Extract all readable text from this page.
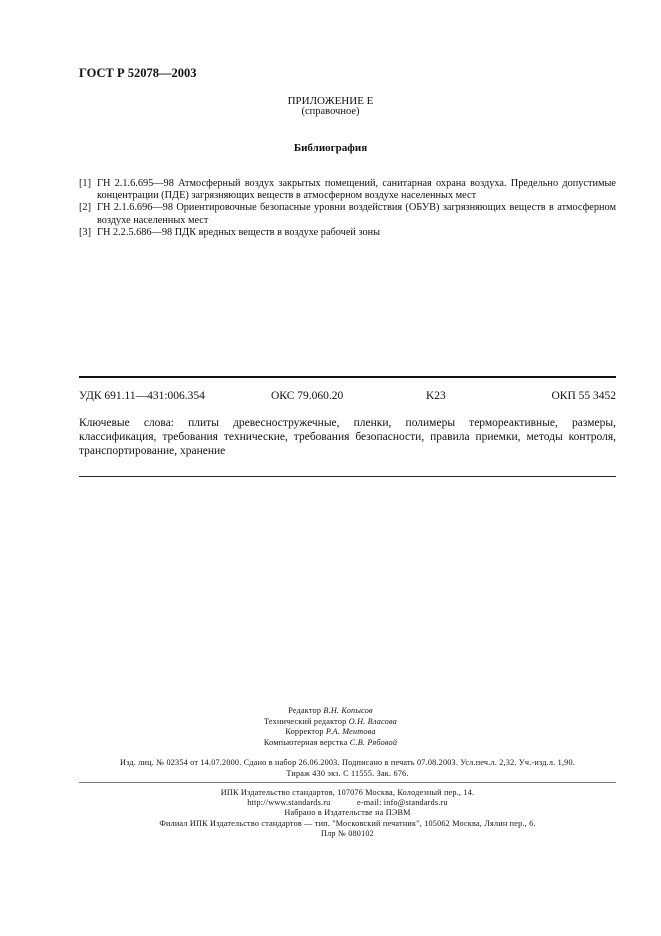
ГОСТ Р 52078—2003
ПРИЛОЖЕНИЕ Е
(справочное)
Библиография
[1] ГН 2.1.6.695—98 Атмосферный воздух закрытых помещений, санитарная охрана воздуха. Предельно допустимые концентрации (ПДЕ) загрязняющих веществ в атмосферном воздухе населенных мест
[2] ГН 2.1.6.696—98 Ориентировочные безопасные уровни воздействия (ОБУВ) загрязняющих веществ в атмосферном воздухе населенных мест
[3] ГН 2.2.5.686—98 ПДК вредных веществ в воздухе рабочей зоны
УДК 691.11—431:006.354	ОКС 79.060.20	K23	ОКП 55 3452
Ключевые слова: плиты древесностружечные, пленки, полимеры термореактивные, размеры, классификация, требования технические, требования безопасности, правила приемки, методы контроля, транспортирование, хранение
Редактор В.Н. Копысов
Технический редактор О.Н. Власова
Корректор Р.А. Ментова
Компьютерная верстка С.В. Рябовой
Изд. лиц. № 02354 от 14.07.2000. Сдано в набор 26.06.2003. Подписано в печать 07.08.2003. Усл.печ.л. 2,32. Уч.-изд.л. 1,90.
Тираж 430 экз. С 11555. Зак. 676.
ИПК Издательство стандартов, 107076 Москва, Колодезный пер., 14.
http://www.standards.ru	e-mail: info@standards.ru
Набрано в Издательстве на ПЭВМ
Филиал ИПК Издательство стандартов — тип. "Московский печатник", 105062 Москва, Лялин пер., 6.
Плр № 080102
